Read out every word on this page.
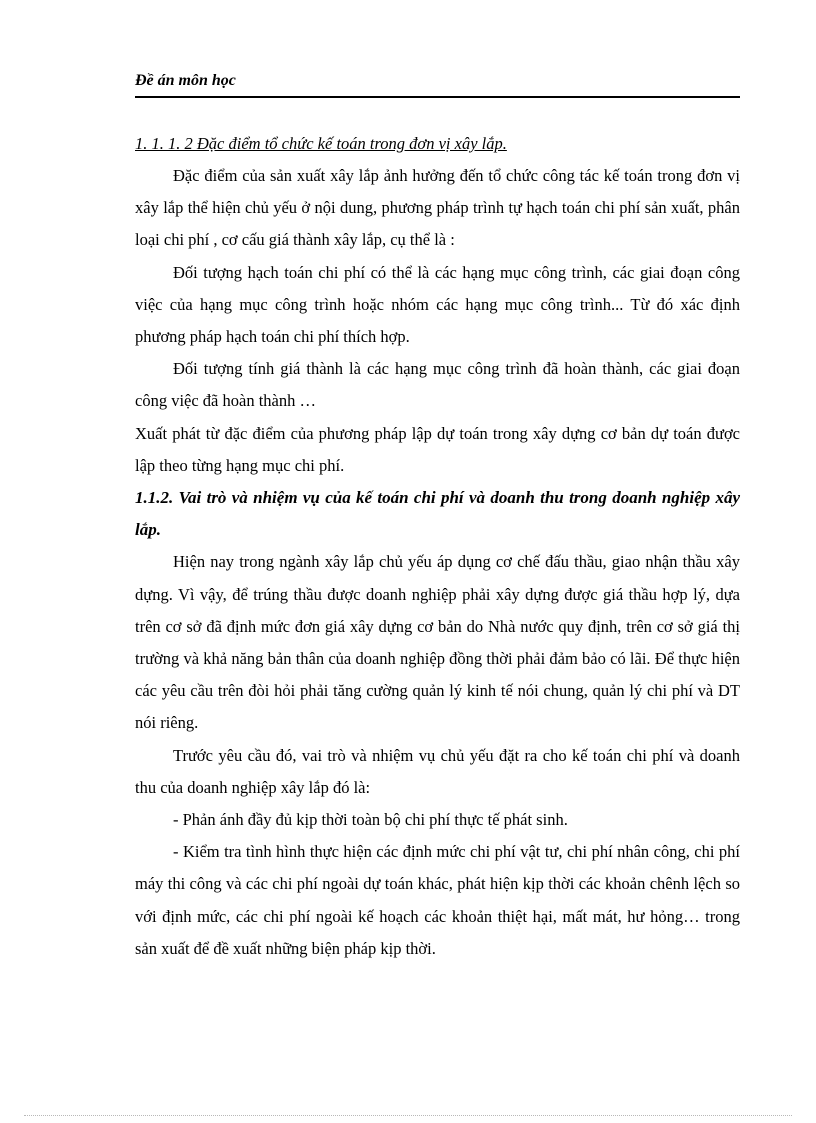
Đề án môn học

1. 1. 1. 2 Đặc điểm tổ chức kế toán trong đơn vị xây lắp.

Đặc điểm của sản xuất xây lắp ảnh hưởng đến tổ chức công tác kế toán trong đơn vị xây lắp thể hiện chủ yếu ở nội dung, phương pháp trình tự hạch toán chi phí sản xuất, phân loại chi phí , cơ cấu giá thành xây lắp, cụ thể là :

Đối tượng hạch toán chi phí có thể là các hạng mục công trình, các giai đoạn công việc của hạng mục công trình hoặc nhóm các hạng mục công trình... Từ đó xác định phương pháp hạch toán chi phí thích hợp.

Đối tượng tính giá thành là các hạng mục công trình đã hoàn thành, các giai đoạn công việc đã hoàn thành …

Xuất phát từ đặc điểm của phương pháp lập dự toán trong xây dựng cơ bản dự toán được lập theo từng hạng mục chi phí.

1.1.2. Vai trò và nhiệm vụ của kế toán chi phí và doanh thu trong doanh nghiệp xây lắp.

Hiện nay trong ngành xây lắp chủ yếu áp dụng cơ chế đấu thầu, giao nhận thầu xây dựng. Vì vậy, để trúng thầu được doanh nghiệp phải xây dựng được giá thầu hợp lý, dựa trên cơ sở đã định mức đơn giá xây dựng cơ bản do Nhà nước quy định, trên cơ sở giá thị trường và khả năng bản thân của doanh nghiệp đồng thời phải đảm bảo có lãi. Để thực hiện các yêu cầu trên đòi hỏi phải tăng cường quản lý kinh tế nói chung, quản lý chi phí và DT nói riêng.

Trước yêu cầu đó, vai trò và nhiệm vụ chủ yếu đặt ra cho kế toán chi phí và doanh thu của doanh nghiệp xây lắp đó là:

- Phản ánh đầy đủ kịp thời toàn bộ chi phí thực tế phát sinh.

- Kiểm tra tình hình thực hiện các định mức chi phí vật tư, chi phí nhân công, chi phí máy thi công và các chi phí ngoài dự toán khác, phát hiện kịp thời các khoản chênh lệch so với định mức, các chi phí ngoài kế hoạch các khoản thiệt hại, mất mát, hư hỏng… trong sản xuất để đề xuất những biện pháp kịp thời.
